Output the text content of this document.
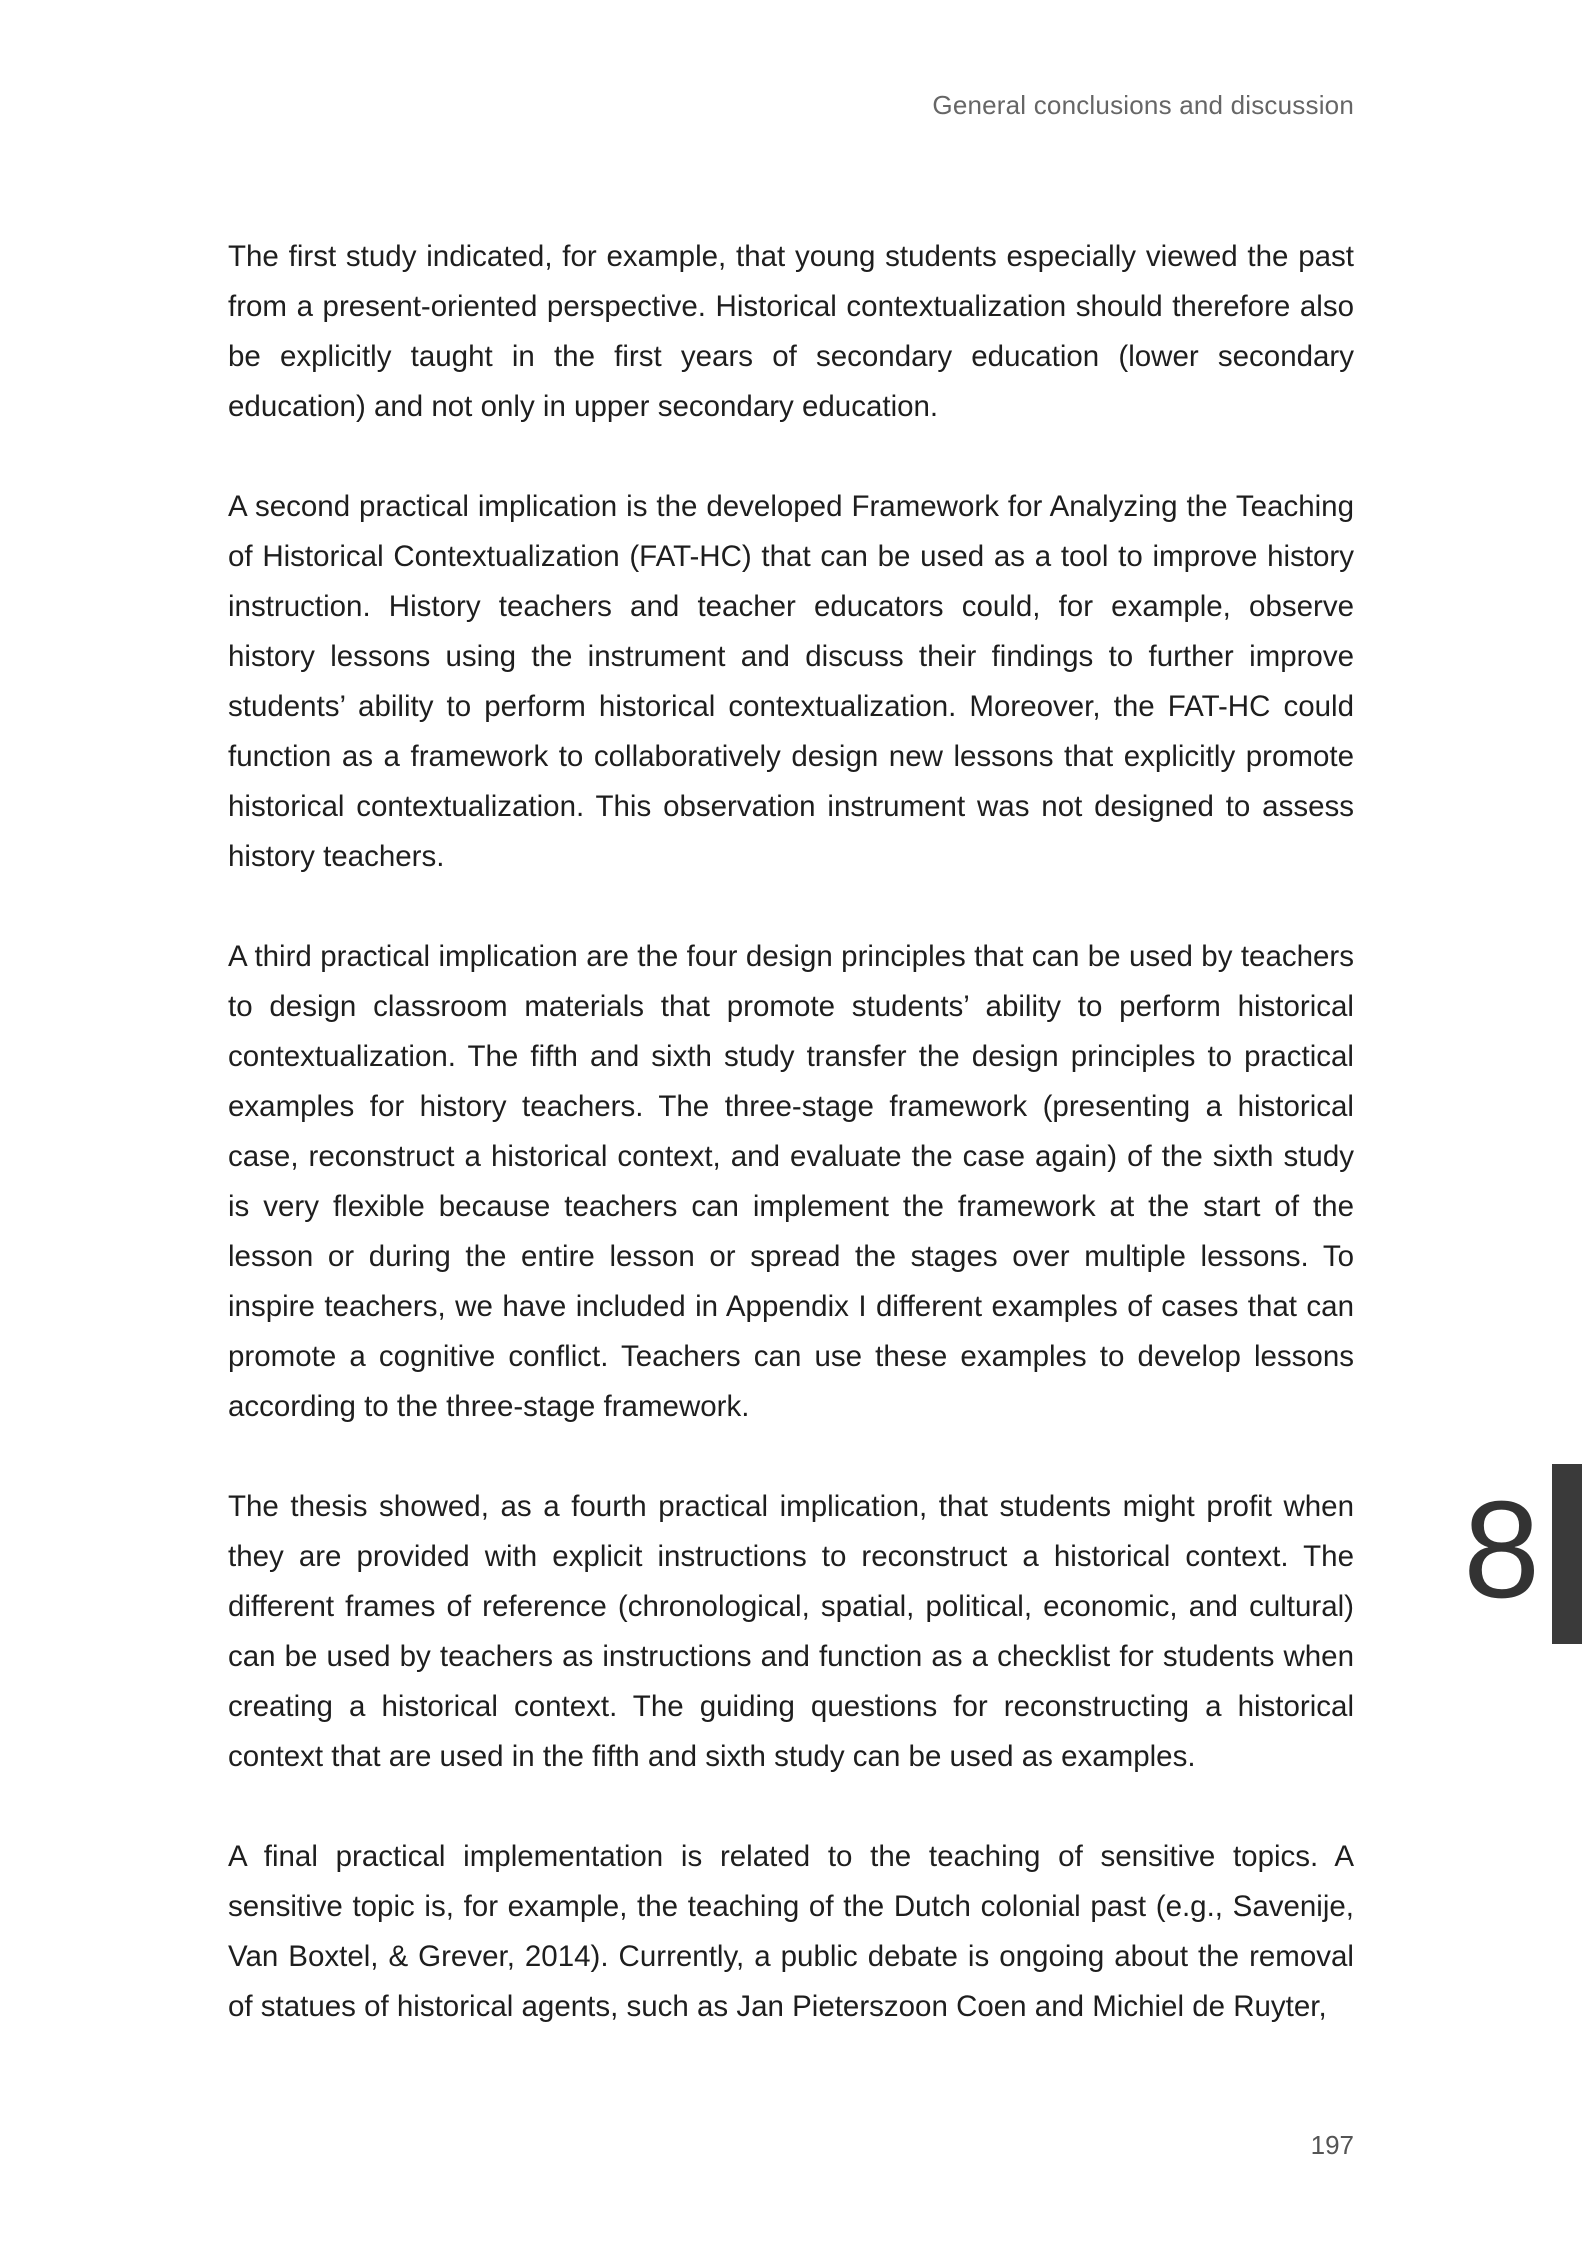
General conclusions and discussion

The first study indicated, for example, that young students especially viewed the past from a present-oriented perspective. Historical contextualization should therefore also be explicitly taught in the first years of secondary education (lower secondary education) and not only in upper secondary education.

A second practical implication is the developed Framework for Analyzing the Teaching of Historical Contextualization (FAT-HC) that can be used as a tool to improve history instruction. History teachers and teacher educators could, for example, observe history lessons using the instrument and discuss their findings to further improve students’ ability to perform historical contextualization. Moreover, the FAT-HC could function as a framework to collaboratively design new lessons that explicitly promote historical contextualization. This observation instrument was not designed to assess history teachers.

A third practical implication are the four design principles that can be used by teachers to design classroom materials that promote students’ ability to perform historical contextualization. The fifth and sixth study transfer the design principles to practical examples for history teachers. The three-stage framework (presenting a historical case, reconstruct a historical context, and evaluate the case again) of the sixth study is very flexible because teachers can implement the framework at the start of the lesson or during the entire lesson or spread the stages over multiple lessons. To inspire teachers, we have included in Appendix I different examples of cases that can promote a cognitive conflict. Teachers can use these examples to develop lessons according to the three-stage framework.

The thesis showed, as a fourth practical implication, that students might profit when they are provided with explicit instructions to reconstruct a historical context. The different frames of reference (chronological, spatial, political, economic, and cultural) can be used by teachers as instructions and function as a checklist for students when creating a historical context. The guiding questions for reconstructing a historical context that are used in the fifth and sixth study can be used as examples.

A final practical implementation is related to the teaching of sensitive topics. A sensitive topic is, for example, the teaching of the Dutch colonial past (e.g., Savenije, Van Boxtel, & Grever, 2014). Currently, a public debate is ongoing about the removal of statues of historical agents, such as Jan Pieterszoon Coen and Michiel de Ruyter,

8
197
